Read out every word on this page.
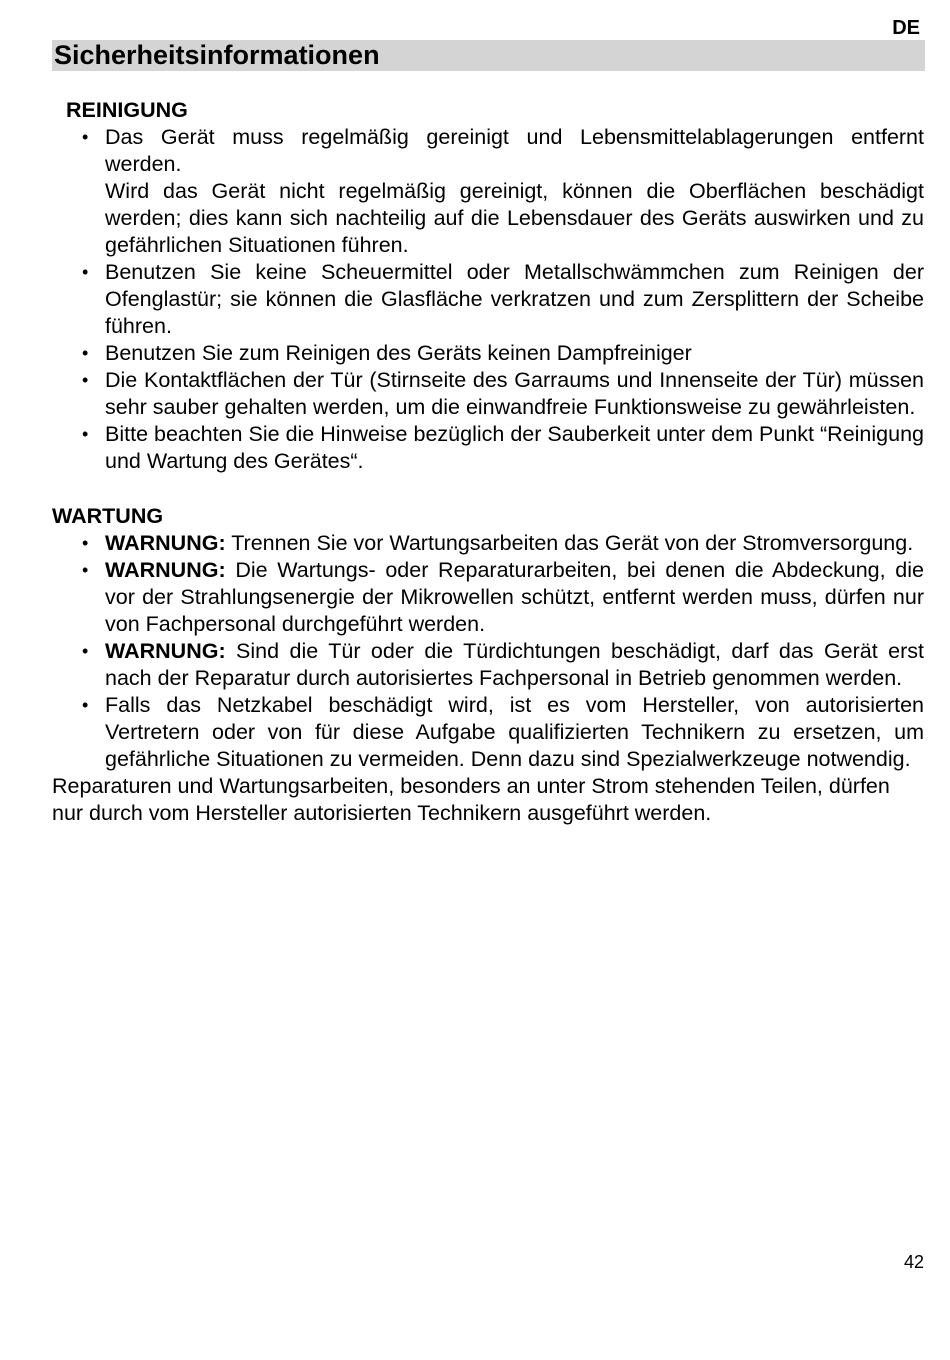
DE
Sicherheitsinformationen
REINIGUNG
• Das Gerät muss regelmäßig gereinigt und Lebensmittelablagerungen entfernt werden.
Wird das Gerät nicht regelmäßig gereinigt, können die Oberflächen beschädigt werden; dies kann sich nachteilig auf die Lebensdauer des Geräts auswirken und zu gefährlichen Situationen führen.
• Benutzen Sie keine Scheuermittel oder Metallschwämmchen zum Reinigen der Ofenglastür; sie können die Glasfläche verkratzen und zum Zersplittern der Scheibe führen.
• Benutzen Sie zum Reinigen des Geräts keinen Dampfreiniger
• Die Kontaktflächen der Tür (Stirnseite des Garraums und Innenseite der Tür) müssen sehr sauber gehalten werden, um die einwandfreie Funktionsweise zu gewährleisten.
• Bitte beachten Sie die Hinweise bezüglich der Sauberkeit unter dem Punkt “Reinigung und Wartung des Gerätes“.
WARTUNG
• WARNUNG: Trennen Sie vor Wartungsarbeiten das Gerät von der Stromversorgung.
• WARNUNG: Die Wartungs- oder Reparaturarbeiten, bei denen die Abdeckung, die vor der Strahlungsenergie der Mikrowellen schützt, entfernt werden muss, dürfen nur von Fachpersonal durchgeführt werden.
• WARNUNG: Sind die Tür oder die Türdichtungen beschädigt, darf das Gerät erst nach der Reparatur durch autorisiertes Fachpersonal in Betrieb genommen werden.
• Falls das Netzkabel beschädigt wird, ist es vom Hersteller, von autorisierten Vertretern oder von für diese Aufgabe qualifizierten Technikern zu ersetzen, um gefährliche Situationen zu vermeiden. Denn dazu sind Spezialwerkzeuge notwendig.

Reparaturen und Wartungsarbeiten, besonders an unter Strom stehenden Teilen, dürfen nur durch vom Hersteller autorisierten Technikern ausgeführt werden.

42
